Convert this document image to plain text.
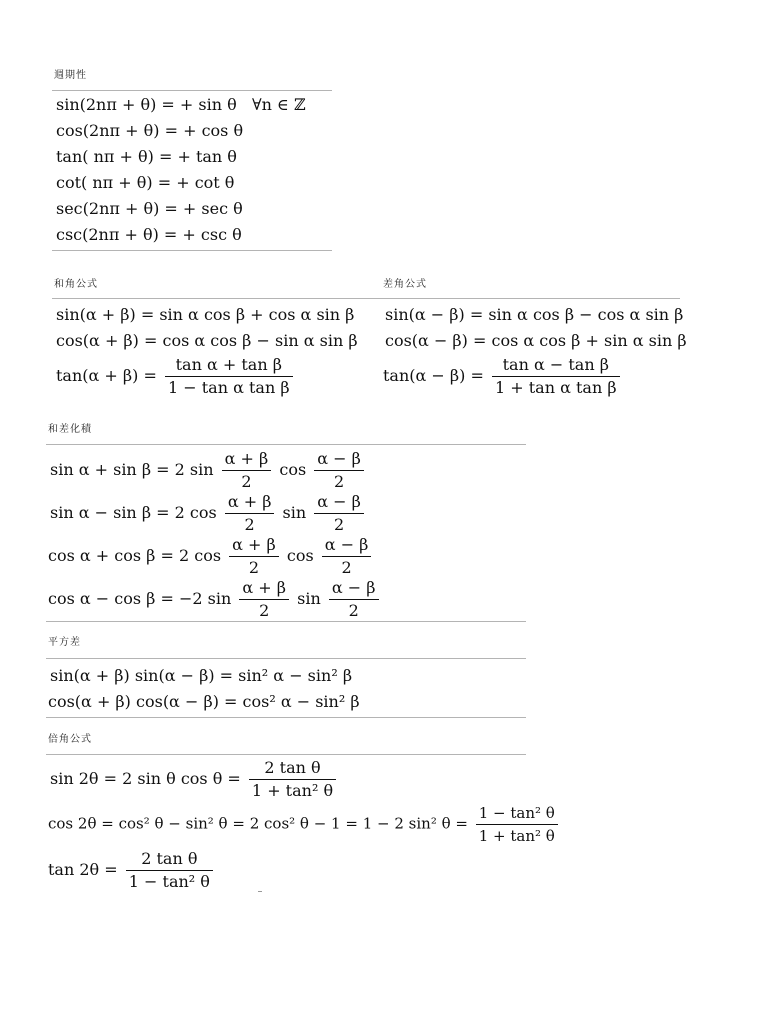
週期性
sin(2nπ + θ) = + sin θ ∀n ∈ ℤ
cos(2nπ + θ) = + cos θ
tan( nπ + θ) = + tan θ
cot( nπ + θ) = + cot θ
sec(2nπ + θ) = + sec θ
csc(2nπ + θ) = + csc θ
和角公式	差角公式
sin(α + β) = sin α cos β + cos α sin β
cos(α + β) = cos α cos β − sin α sin β
$\tan(\alpha + \beta) = \frac{\text{tan α + tan β}}{\text{1 − tan α tan β}}$
sin(α − β) = sin α cos β − cos α sin β
cos(α − β) = cos α cos β + sin α sin β
$\tan(\alpha - \beta) = \frac{\text{tan α − tan β}}{\text{1 + tan α tan β}}$
和差化積
sin α + sin β = 2 $\sin \frac{\alpha + \beta}{2}$ $\cos \frac{\alpha - \beta}{2}$
sin α − sin β = 2 $\cos \frac{\alpha + \beta}{2}$ $\sin \frac{\alpha - \beta}{2}$
cos α + cos β = 2 $\cos \frac{\alpha + \beta}{2}$ $\cos \frac{\alpha - \beta}{2}$
cos α − cos β = −2 $\sin \frac{\alpha + \beta}{2}$ $\sin \frac{\alpha - \beta}{2}$
平方差
sin(α + β) sin(α − β) = sin² α − sin² β
cos(α + β) cos(α − β) = cos² α − sin² β
倍角公式
sin 2θ = 2 sin θ $\cos \theta = \frac{\text{2 tan θ}}{\text{1 + tan² θ}}$
cos 2θ = cos² θ − sin² θ = 2 cos² θ − 1 = 1 − 2 sin² $\theta = \frac{\text{1 − tan² θ}}{\text{1 + tan² θ}}$
$\tan 2\theta = \frac{\text{2 tan θ}}{\text{1 − tan² θ}}$
